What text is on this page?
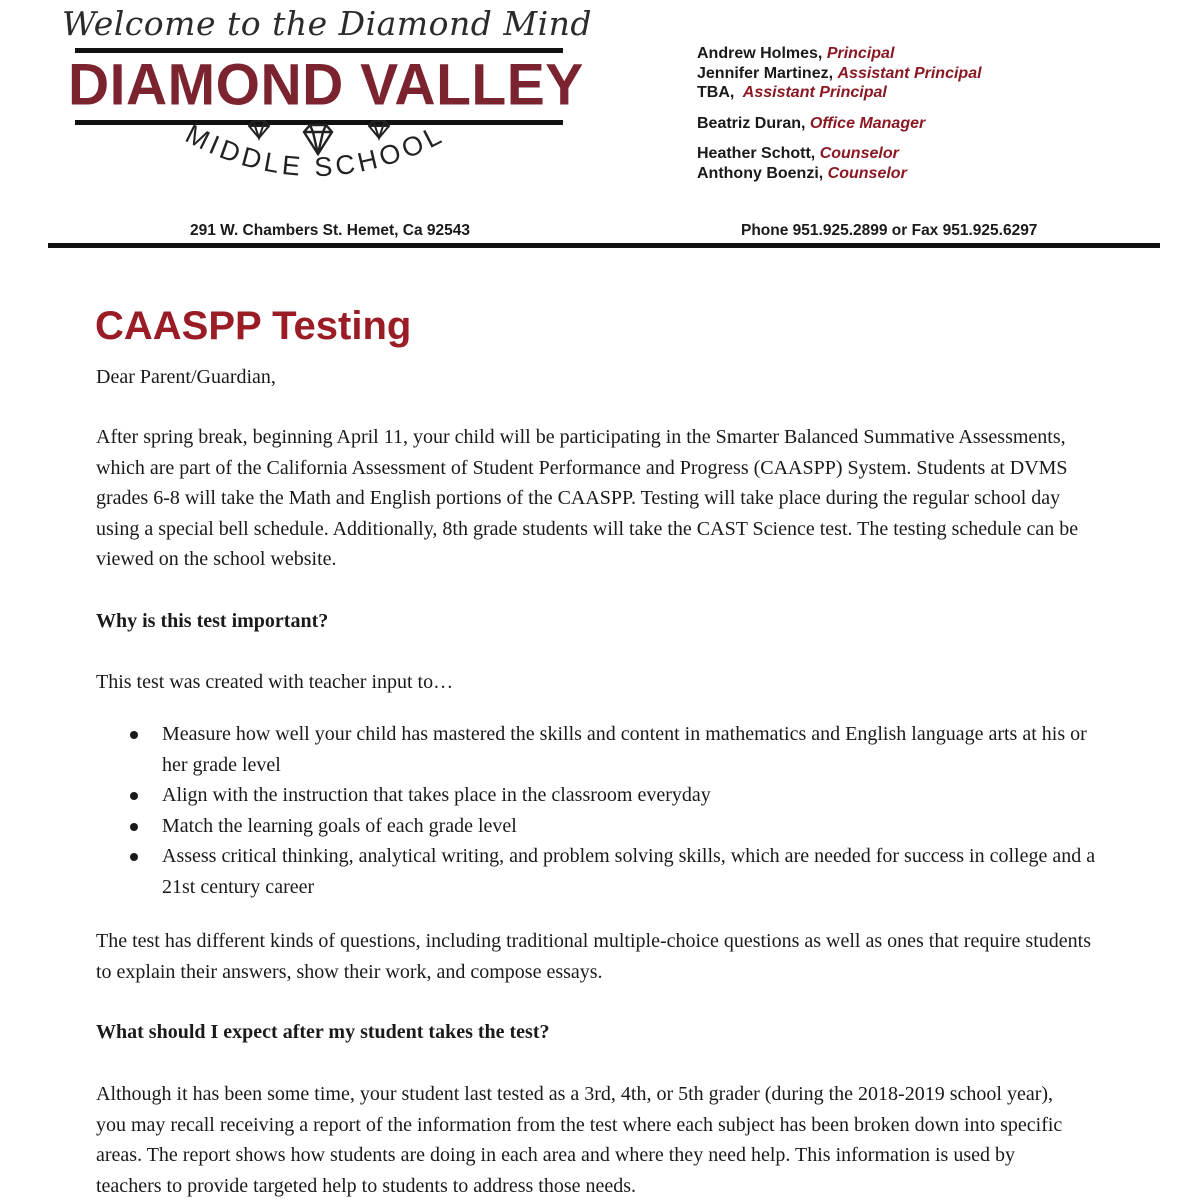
Welcome to the Diamond Mind
DIAMOND VALLEY
MIDDLE SCHOOL
Andrew Holmes, Principal
Jennifer Martinez, Assistant Principal
TBA, Assistant Principal
Beatriz Duran, Office Manager
Heather Schott, Counselor
Anthony Boenzi, Counselor
291 W. Chambers St. Hemet, Ca 92543	Phone 951.925.2899 or Fax 951.925.6297
CAASPP Testing
Dear Parent/Guardian,
After spring break, beginning April 11, your child will be participating in the Smarter Balanced Summative Assessments, which are part of the California Assessment of Student Performance and Progress (CAASPP) System. Students at DVMS grades 6-8 will take the Math and English portions of the CAASPP. Testing will take place during the regular school day using a special bell schedule. Additionally, 8th grade students will take the CAST Science test. The testing schedule can be viewed on the school website.
Why is this test important?
This test was created with teacher input to…
Measure how well your child has mastered the skills and content in mathematics and English language arts at his or her grade level
Align with the instruction that takes place in the classroom everyday
Match the learning goals of each grade level
Assess critical thinking, analytical writing, and problem solving skills, which are needed for success in college and a 21st century career
The test has different kinds of questions, including traditional multiple-choice questions as well as ones that require students to explain their answers, show their work, and compose essays.
What should I expect after my student takes the test?
Although it has been some time, your student last tested as a 3rd, 4th, or 5th grader (during the 2018-2019 school year), you may recall receiving a report of the information from the test where each subject has been broken down into specific areas. The report shows how students are doing in each area and where they need help. This information is used by teachers to provide targeted help to students to address those needs.
